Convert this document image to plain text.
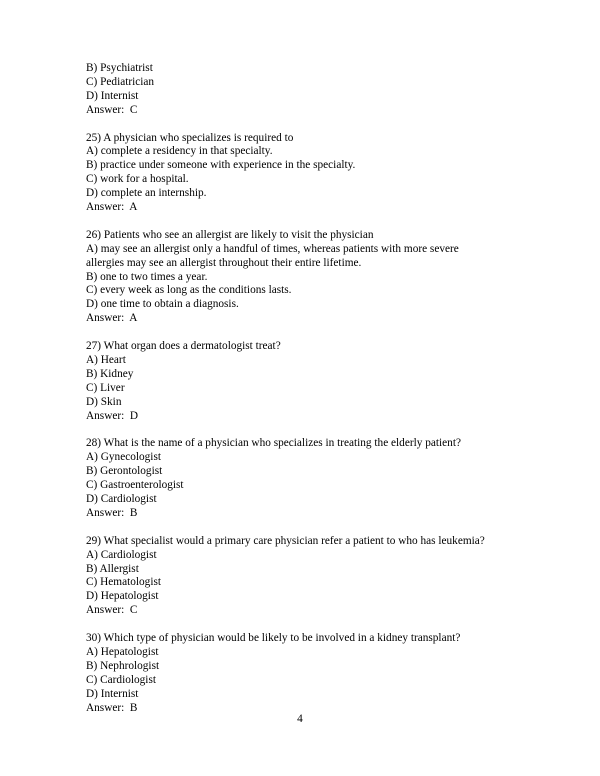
B) Psychiatrist

C) Pediatrician

D) Internist

Answer:  C

25) A physician who specializes is required to

A) complete a residency in that specialty.

B) practice under someone with experience in the specialty.

C) work for a hospital.

D) complete an internship.

Answer:  A

26) Patients who see an allergist are likely to visit the physician

A) may see an allergist only a handful of times, whereas patients with more severe

allergies may see an allergist throughout their entire lifetime.

B) one to two times a year.

C) every week as long as the conditions lasts.

D) one time to obtain a diagnosis.

Answer:  A

27) What organ does a dermatologist treat?

A) Heart

B) Kidney

C) Liver

D) Skin

Answer:  D

28) What is the name of a physician who specializes in treating the elderly patient?

A) Gynecologist

B) Gerontologist

C) Gastroenterologist

D) Cardiologist

Answer:  B

29) What specialist would a primary care physician refer a patient to who has leukemia?

A) Cardiologist

B) Allergist

C) Hematologist

D) Hepatologist

Answer:  C

30) Which type of physician would be likely to be involved in a kidney transplant?

A) Hepatologist

B) Nephrologist

C) Cardiologist

D) Internist

Answer:  B

4
